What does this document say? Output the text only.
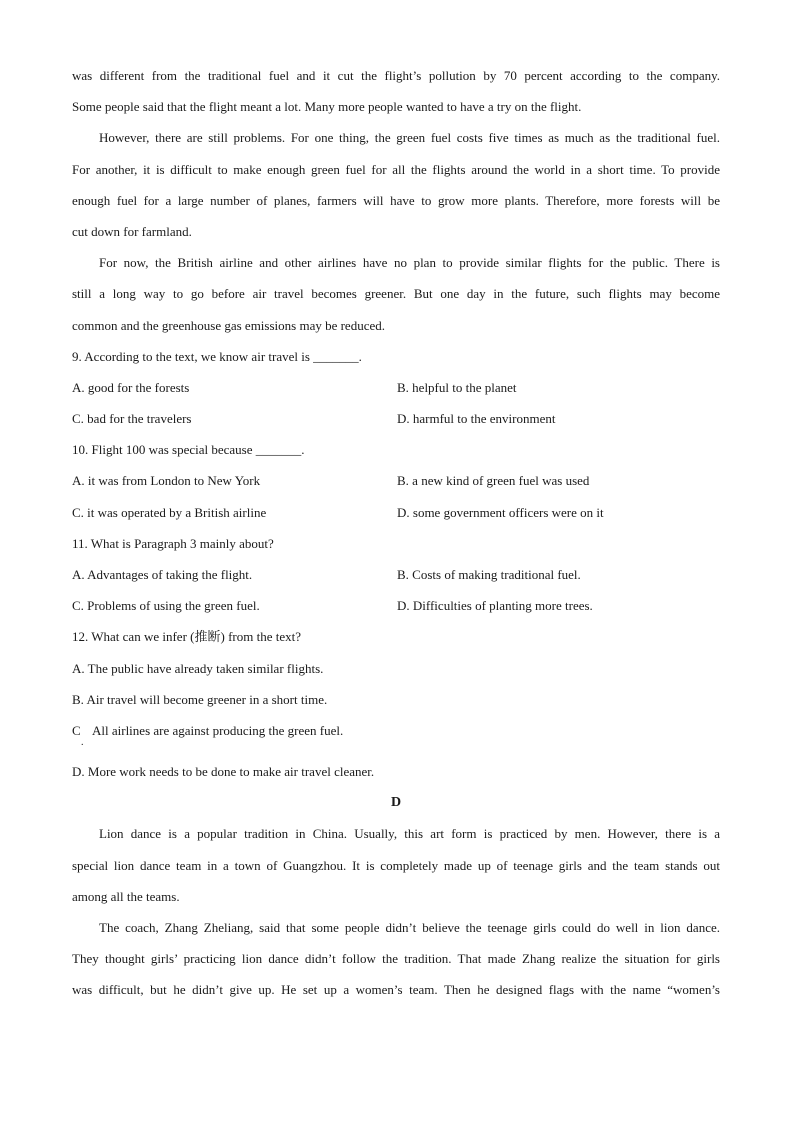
was different from the traditional fuel and it cut the flight’s pollution by 70 percent according to the company.
Some people said that the flight meant a lot. Many more people wanted to have a try on the flight.
However, there are still problems. For one thing, the green fuel costs five times as much as the traditional fuel.
For another, it is difficult to make enough green fuel for all the flights around the world in a short time. To provide
enough fuel for a large number of planes, farmers will have to grow more plants. Therefore, more forests will be
cut down for farmland.
For now, the British airline and other airlines have no plan to provide similar flights for the public. There is
still a long way to go before air travel becomes greener. But one day in the future, such flights may become
common and the greenhouse gas emissions may be reduced.
9. According to the text, we know air travel is _______.
A. good for the forests	B. helpful to the planet
C. bad for the travelers	D. harmful to the environment
10. Flight 100 was special because _______.
A. it was from London to New York	B. a new kind of green fuel was used
C. it was operated by a British airline	D. some government officers were on it
11. What is Paragraph 3 mainly about?
A. Advantages of taking the flight.	B. Costs of making traditional fuel.
C. Problems of using the green fuel.	D. Difficulties of planting more trees.
12. What can we infer (推断) from the text?
A. The public have already taken similar flights.
B. Air travel will become greener in a short time.
C All airlines are against producing the green fuel.
.
D. More work needs to be done to make air travel cleaner.
D
Lion dance is a popular tradition in China. Usually, this art form is practiced by men. However, there is a
special lion dance team in a town of Guangzhou. It is completely made up of teenage girls and the team stands out
among all the teams.
The coach, Zhang Zheliang, said that some people didn’t believe the teenage girls could do well in lion dance.
They thought girls’ practicing lion dance didn’t follow the tradition. That made Zhang realize the situation for girls
was difficult, but he didn’t give up. He set up a women’s team. Then he designed flags with the name “women’s
